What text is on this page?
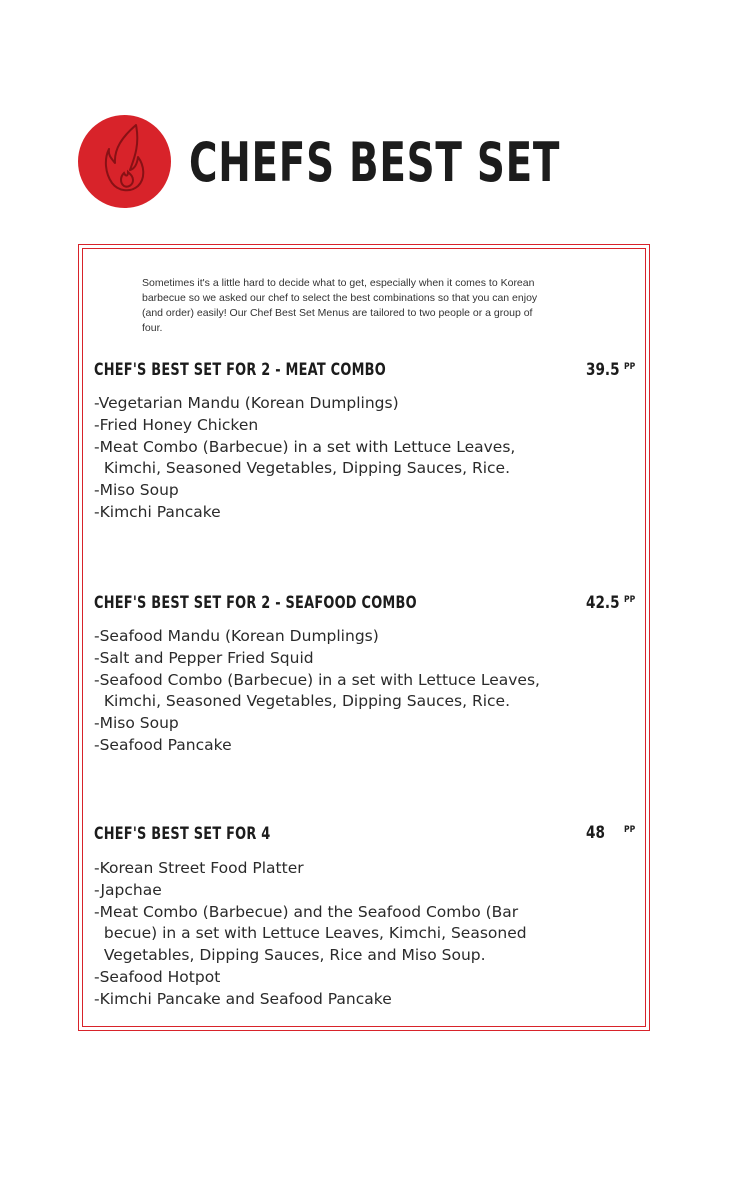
CHEFS BEST SET
Sometimes it's a little hard to decide what to get, especially when it comes to Korean
barbecue so we asked our chef to select the best combinations so that you can enjoy
(and order) easily! Our Chef Best Set Menus are tailored to two people or a group of
four.
CHEF'S BEST SET FOR 2 - MEAT COMBO	39.5 PP
-Vegetarian Mandu (Korean Dumplings)
-Fried Honey Chicken
-Meat Combo (Barbecue) in a set with Lettuce Leaves,
Kimchi, Seasoned Vegetables, Dipping Sauces, Rice.
-Miso Soup
-Kimchi Pancake
CHEF'S BEST SET FOR 2 - SEAFOOD COMBO	42.5 PP
-Seafood Mandu (Korean Dumplings)
-Salt and Pepper Fried Squid
-Seafood Combo (Barbecue) in a set with Lettuce Leaves,
Kimchi, Seasoned Vegetables, Dipping Sauces, Rice.
-Miso Soup
-Seafood Pancake
CHEF'S BEST SET FOR 4	48 PP
-Korean Street Food Platter
-Japchae
-Meat Combo (Barbecue) and the Seafood Combo (Bar
becue) in a set with Lettuce Leaves, Kimchi, Seasoned
Vegetables, Dipping Sauces, Rice and Miso Soup.
-Seafood Hotpot
-Kimchi Pancake and Seafood Pancake
